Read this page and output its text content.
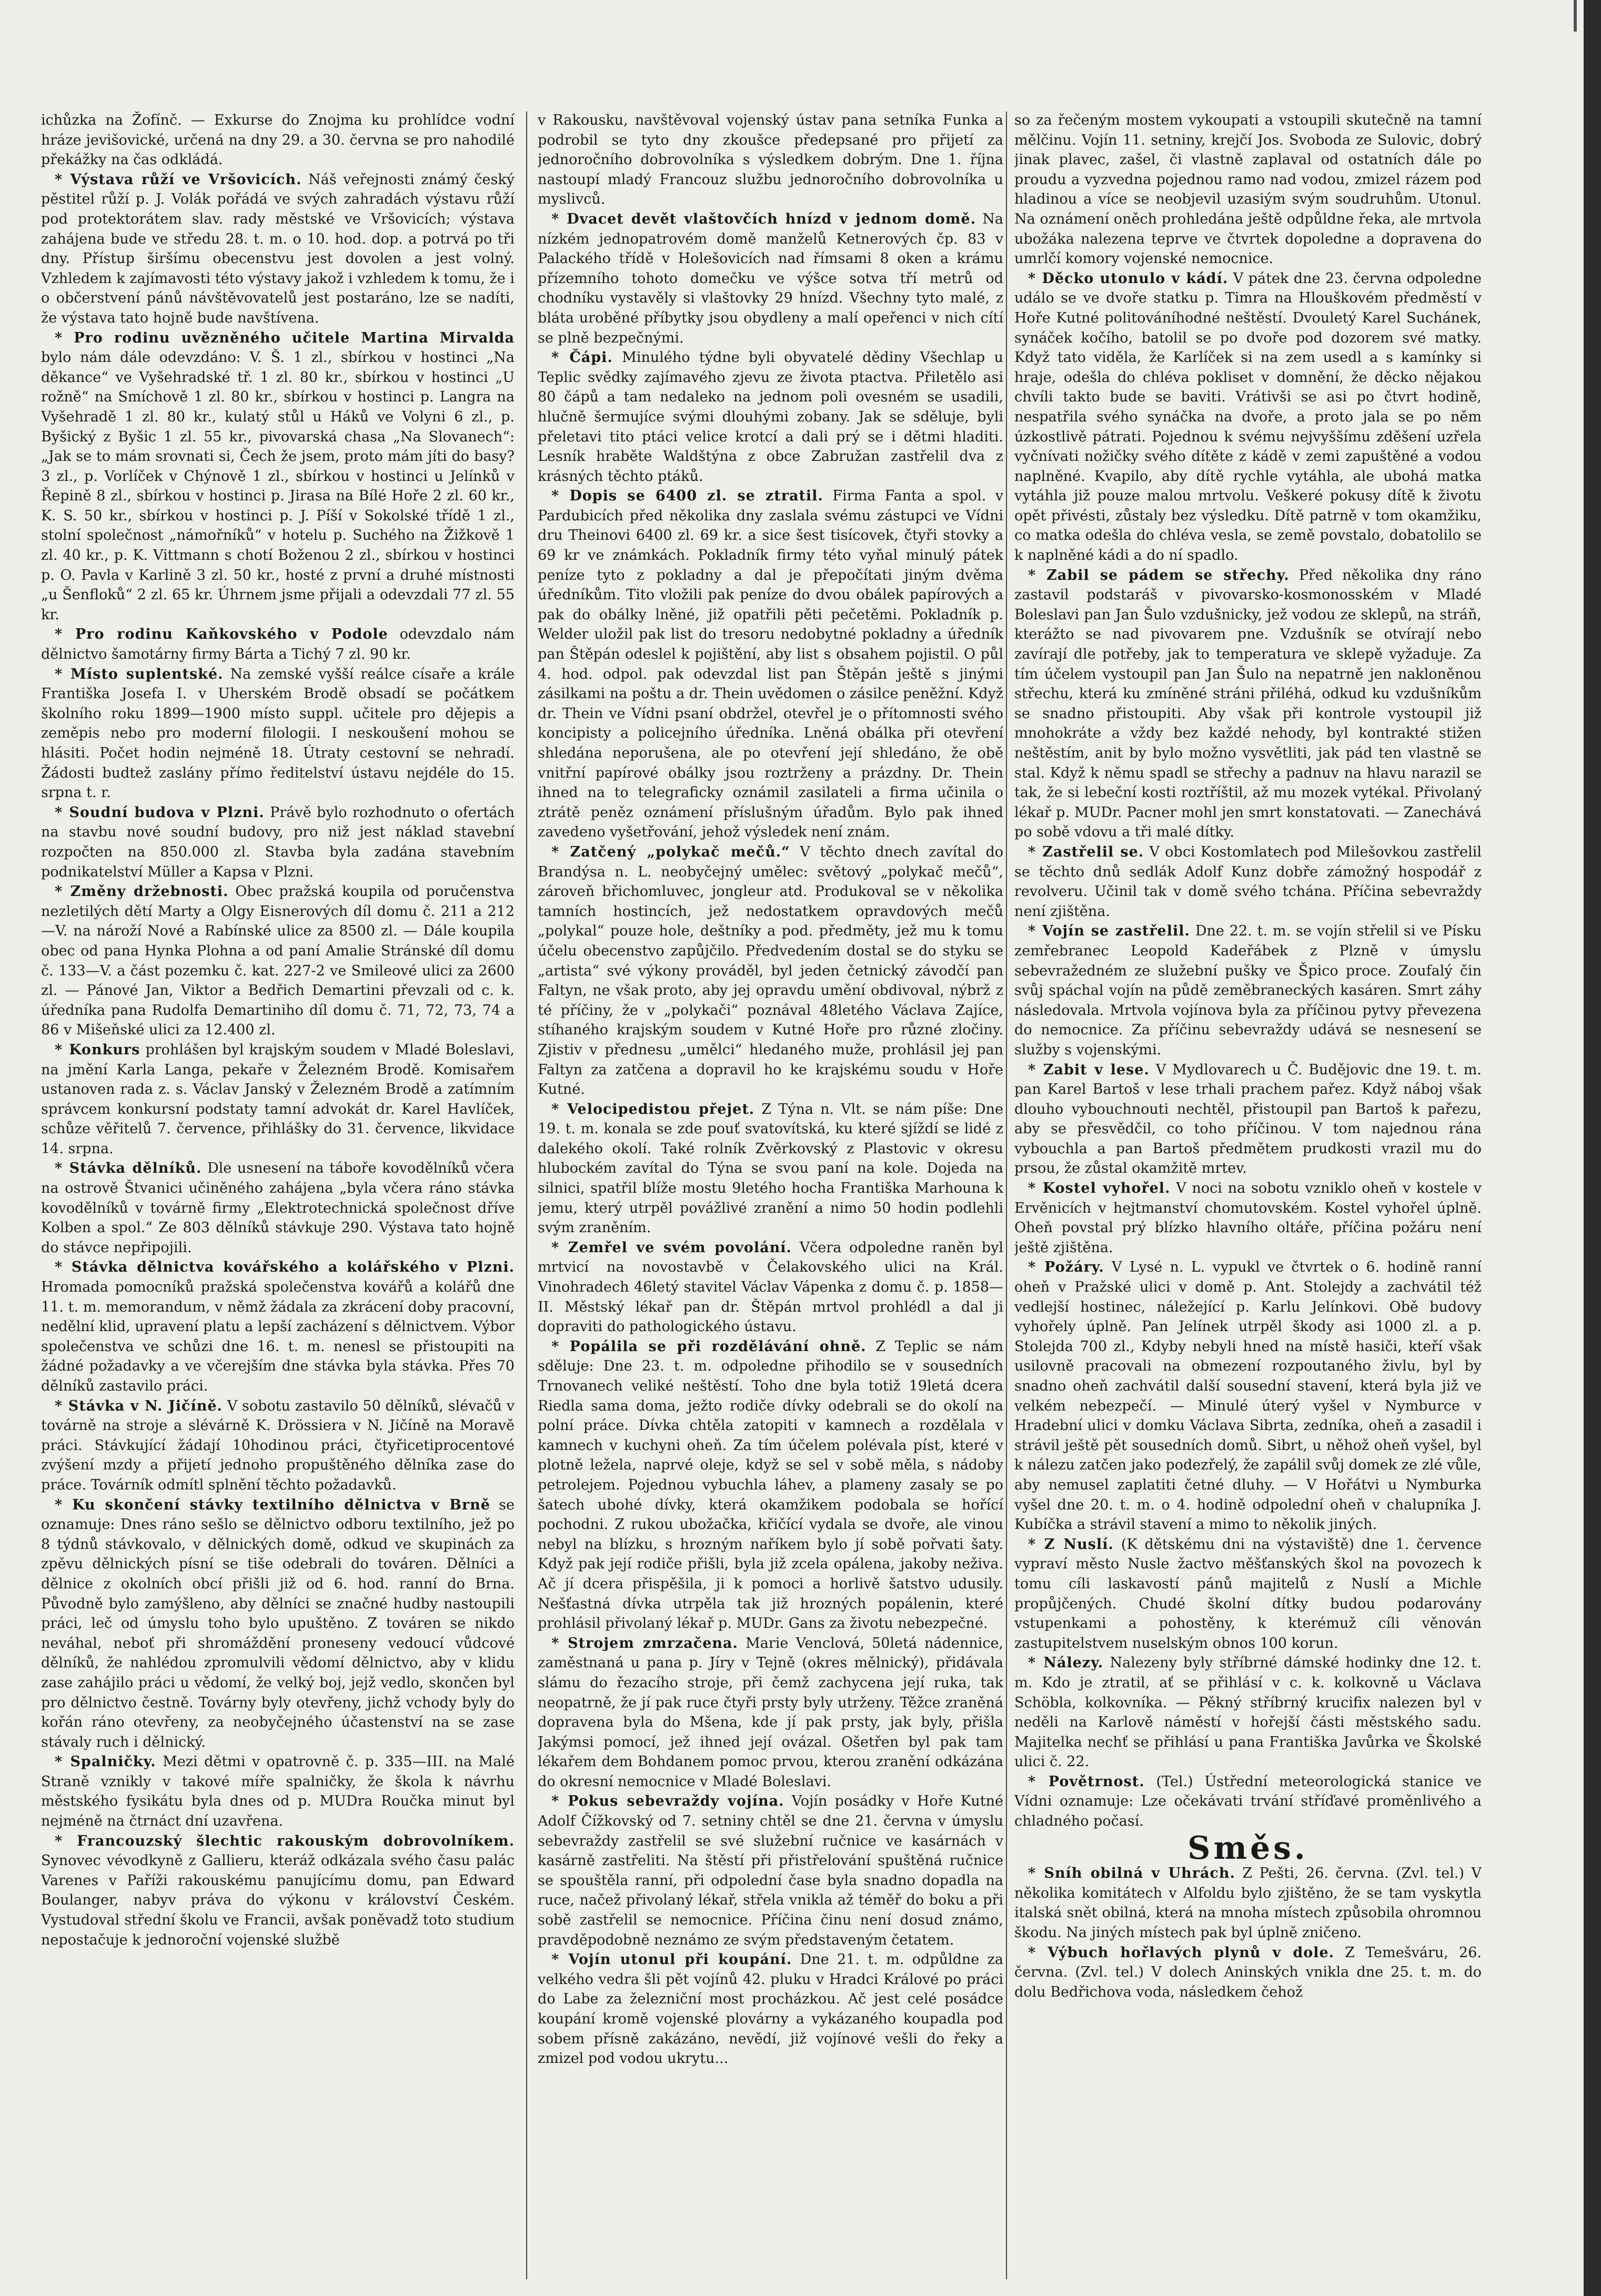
ichůzka na Žofínč. — Exkurse do Znojma ku prohlídce vodní hráze jevišovické, určená na dny 29. a 30. června se pro nahodilé překážky na čas odkládá.

* Výstava růží ve Vršovicích. Náš veřejnosti známý český pěstitel růží p. J. Volák pořádá ve svých zahradách výstavu růží pod protektorátem slav. rady městské ve Vršovicích; výstava zahájena bude ve středu 28. t. m. o 10. hod. dop. a potrvá po tři dny. Přístup širšímu obecenstvu jest dovolen a jest volný. Vzhledem k zajímavosti této výstavy jakož i vzhledem k tomu, že i o občerstvení pánů návštěvovatelů jest postaráno, lze se nadíti, že výstava tato hojně bude navštívena.

* Pro rodinu uvězněného učitele Martina Mirvalda bylo nám dále odevzdáno: V. Š. 1 zl., sbírkou v hostinci „Na děkance“ ve Vyšehradské tř. 1 zl. 80 kr., sbírkou v hostinci „U rožně“ na Smíchově 1 zl. 80 kr., sbírkou v hostinci p. Langra na Vyšehradě 1 zl. 80 kr., kulatý stůl u Háků ve Volyni 6 zl., p. Byšický z Byšic 1 zl. 55 kr., pivovarská chasa „Na Slovanech“: „Jak se to mám srovnati si, Čech že jsem, proto mám jíti do basy? 3 zl., p. Vorlíček v Chýnově 1 zl., sbírkou v hostinci u Jelínků v Řepině 8 zl., sbírkou v hostinci p. Jirasa na Bílé Hoře 2 zl. 60 kr., K. S. 50 kr., sbírkou v hostinci p. J. Píší v Sokolské třídě 1 zl., stolní společnost „námořníků“ v hotelu p. Suchého na Žižkově 1 zl. 40 kr., p. K. Vittmann s chotí Boženou 2 zl., sbírkou v hostinci p. O. Pavla v Karlině 3 zl. 50 kr., hosté z první a druhé místnosti „u Šenfloků“ 2 zl. 65 kr. Úhrnem jsme přijali a odevzdali 77 zl. 55 kr.

* Pro rodinu Kaňkovského v Podole odevzdalo nám dělnictvo šamotárny firmy Bárta a Tichý 7 zl. 90 kr.

* Místo suplentské. Na zemské vyšší reálce císaře a krále Františka Josefa I. v Uherském Brodě obsadí se počátkem školního roku 1899—1900 místo suppl. učitele pro dějepis a zeměpis nebo pro moderní filologii. I neskoušení mohou se hlásiti. Počet hodin nejméně 18. Útraty cestovní se nehradí. Žádosti budtež zaslány přímo ředitelství ústavu nejdéle do 15. srpna t. r.

* Soudní budova v Plzni. Právě bylo rozhodnuto o ofertách na stavbu nové soudní budovy, pro niž jest náklad stavební rozpočten na 850.000 zl. Stavba byla zadána stavebním podnikatelství Müller a Kapsa v Plzni.

* Změny držebnosti. Obec pražská koupila od poručenstva nezletilých dětí Marty a Olgy Eisnerových díl domu č. 211 a 212—V. na nároží Nové a Rabínské ulice za 8500 zl. — Dále koupila obec od pana Hynka Plohna a od paní Amalie Stránské díl domu č. 133—V. a část pozemku č. kat. 227-2 ve Smileové ulici za 2600 zl. — Pánové Jan, Viktor a Bedřich Demartini převzali od c. k. úředníka pana Rudolfa Demartiniho díl domu č. 71, 72, 73, 74 a 86 v Mišeňské ulici za 12.400 zl.

* Konkurs prohlášen byl krajským soudem v Mladé Boleslavi, na jmění Karla Langa, pekaře v Železném Brodě. Komisařem ustanoven rada z. s. Václav Janský v Železném Brodě a zatímním správcem konkursní podstaty tamní advokát dr. Karel Havlíček, schůze věřitelů 7. července, přihlášky do 31. července, likvidace 14. srpna.

* Stávka dělníků. Dle usnesení na táboře kovodělníků včera na ostrově Štvanici učiněného zahájena „byla včera ráno stávka kovodělníků v továrně firmy „Elektrotechnická společnost dříve Kolben a spol.“ Ze 803 dělníků stávkuje 290. Výstava tato hojně do stávce nepřipojili.

* Stávka dělnictva kovářského a kolářského v Plzni. Hromada pomocníků pražská společenstva kovářů a kolářů dne 11. t. m. memorandum, v němž žádala za zkrácení doby pracovní, nedělní klid, upravení platu a lepší zacházení s dělnictvem. Výbor společenstva ve schůzi dne 16. t. m. nenesl se přistoupiti na žádné požadavky a ve včerejším dne stávka byla stávka. Přes 70 dělníků zastavilo práci.

* Stávka v N. Jičíně. V sobotu zastavilo 50 dělníků, slévačů v továrně na stroje a slévárně K. Drössiera v N. Jičíně na Moravě práci. Stávkující žádají 10hodinou práci, čtyřicetiprocentové zvýšení mzdy a přijetí jednoho propuštěného dělníka zase do práce. Továrník odmítl splnění těchto požadavků.

* Ku skončení stávky textilního dělnictva v Brně se oznamuje: Dnes ráno sešlo se dělnictvo odboru textilního, jež po 8 týdnů stávkovalo, v dělnických domě, odkud ve skupinách za zpěvu dělnických písní se tiše odebrali do továren. Dělníci a dělnice z okolních obcí přišli již od 6. hod. ranní do Brna. Původně bylo zamýšleno, aby dělníci se značné hudby nastoupili práci, leč od úmyslu toho bylo upuštěno. Z továren se nikdo neváhal, neboť při shromáždění proneseny vedoucí vůdcové dělníků, že nahlédou zpromulvili vědomí dělnictvo, aby v klidu zase zahájilo práci u vědomí, že velký boj, jejž vedlo, skončen byl pro dělnictvo čestně. Továrny byly otevřeny, jichž vchody byly do kořán ráno otevřeny, za neobyčejného účastenství na se zase stávaly ruch i dělnický.

* Spalničky. Mezi dětmi v opatrovně č. p. 335—III. na Malé Straně vznikly v takové míře spalničky, že škola k návrhu městského fysikátu byla dnes od p. MUDra Roučka minut byl nejméně na čtrnáct dní uzavřena.

* Francouzský šlechtic rakouským dobrovolníkem. Synovec vévodkyně z Gallieru, kteráž odkázala svého času palác Varenes v Paříži rakouskému panujícímu domu, pan Edward Boulanger, nabyv práva do výkonu v království Českém. Vystudoval střední školu ve Francii, avšak poněvadž toto studium nepostačuje k jednoroční vojenské službě

v Rakousku, navštěvoval vojenský ústav pana setníka Funka a podrobil se tyto dny zkoušce předepsané pro přijetí za jednoročního dobrovolníka s výsledkem dobrým. Dne 1. října nastoupí mladý Francouz službu jednoročního dobrovolníka u myslivců.

* Dvacet devět vlaštovčích hnízd v jednom domě. Na nízkém jednopatrovém domě manželů Ketnerových čp. 83 v Palackého třídě v Holešovicích nad římsami 8 oken a krámu přízemního tohoto domečku ve výšce sotva tří metrů od chodníku vystavěly si vlaštovky 29 hnízd. Všechny tyto malé, z bláta uroběné příbytky jsou obydleny a malí opeřenci v nich cítí se plně bezpečnými.

* Čápi. Minulého týdne byli obyvatelé dědiny Všechlap u Teplic svědky zajímavého zjevu ze života ptactva. Přiletělo asi 80 čápů a tam nedaleko na jednom poli ovesném se usadili, hlučně šermujíce svými dlouhými zobany. Jak se sděluje, byli přeletavi tito ptáci velice krotcí a dali prý se i dětmi hladiti. Lesník hraběte Waldštýna z obce Zabružan zastřelil dva z krásných těchto ptáků.

* Dopis se 6400 zl. se ztratil. Firma Fanta a spol. v Pardubicích před několika dny zaslala svému zástupci ve Vídni dru Theinovi 6400 zl. 69 kr. a sice šest tisícovek, čtyři stovky a 69 kr ve známkách. Pokladník firmy této vyňal minulý pátek peníze tyto z pokladny a dal je přepočítati jiným dvěma úředníkům. Tito vložili pak peníze do dvou obálek papírových a pak do obálky lněné, již opatřili pěti pečetěmi. Pokladník p. Welder uložil pak list do tresoru nedobytné pokladny a úředník pan Štěpán odeslel k pojištění, aby list s obsahem pojistil. O půl 4. hod. odpol. pak odevzdal list pan Štěpán ještě s jinými zásilkami na poštu a dr. Thein uvědomen o zásilce peněžní. Když dr. Thein ve Vídni psaní obdržel, otevřel je o přítomnosti svého koncipisty a policejního úředníka. Lněná obálka při otevření shledána neporušena, ale po otevření její shledáno, že obě vnitřní papírové obálky jsou roztrženy a prázdny. Dr. Thein ihned na to telegraficky oznámil zasilateli a firma učinila o ztrátě peněz oznámení příslušným úřadům. Bylo pak ihned zavedeno vyšetřování, jehož výsledek není znám.

* Zatčený „polykač mečů.“ V těchto dnech zavítal do Brandýsa n. L. neobyčejný umělec: světový „polykač mečů“, zároveň břichomluvec, jongleur atd. Produkoval se v několika tamních hostincích, jež nedostatkem opravdových mečů „polykal“ pouze hole, deštníky a pod. předměty, jež mu k tomu účelu obecenstvo zapůjčilo. Předvedením dostal se do styku se „artista“ své výkony prováděl, byl jeden četnický závodčí pan Faltyn, ne však proto, aby jej opravdu umění obdivoval, nýbrž z té příčiny, že v „polykači“ poznával 48letého Václava Zajíce, stíhaného krajským soudem v Kutné Hoře pro různé zločiny. Zjistiv v přednesu „umělci“ hledaného muže, prohlásil jej pan Faltyn za zatčena a dopravil ho ke krajskému soudu v Hoře Kutné.

* Velocipedistou přejet. Z Týna n. Vlt. se nám píše: Dne 19. t. m. konala se zde pouť svatovítská, ku které sjíždí se lidé z dalekého okolí. Také rolník Zvěrkovský z Plastovic v okresu hlubockém zavítal do Týna se svou paní na kole. Dojeda na silnici, spatřil blíže mostu 9letého hocha Františka Marhouna k jemu, který utrpěl povážlivé zranění a nimo 50 hodin podlehli svým zraněním.

* Zemřel ve svém povolání. Včera odpoledne raněn byl mrtvicí na novostavbě v Čelakovského ulici na Král. Vinohradech 46letý stavitel Václav Vápenka z domu č. p. 1858—II. Městský lékař pan dr. Štěpán mrtvol prohlédl a dal ji dopraviti do pathologického ústavu.

* Popálila se při rozdělávání ohně. Z Teplic se nám sděluje: Dne 23. t. m. odpoledne přihodilo se v sousedních Trnovanech veliké neštěstí. Toho dne byla totiž 19letá dcera Riedla sama doma, ježto rodiče dívky odebrali se do okolí na polní práce. Dívka chtěla zatopiti v kamnech a rozdělala v kamnech v kuchyni oheň. Za tím účelem polévala píst, které v plotně ležela, naprvé oleje, když se sel v sobě měla, s nádoby petrolejem. Pojednou vybuchla láhev, a plameny zasaly se po šatech ubohé dívky, která okamžikem podobala se hořící pochodni. Z rukou ubožačka, křičící vydala se dvoře, ale vinou nebyl na blízku, s hrozným naříkem bylo jí sobě pořvati šaty. Když pak její rodiče přišli, byla již zcela opálena, jakoby neživa. Ač jí dcera přispěšila, ji k pomoci a horlivě šatstvo udusily. Nešťastná dívka utrpěla tak již hrozných popálenin, které prohlásil přivolaný lékař p. MUDr. Gans za životu nebezpečné.

* Strojem zmrzačena. Marie Venclová, 50letá nádennice, zaměstnaná u pana p. Jíry v Tejně (okres mělnický), přidávala slámu do řezacího stroje, při čemž zachycena její ruka, tak neopatrně, že jí pak ruce čtyři prsty byly utrženy. Těžce zraněná dopravena byla do Mšena, kde jí pak prsty, jak byly, přišla Jakýmsi pomocí, jež ihned její ovázal. Ošetřen byl pak tam lékařem dem Bohdanem pomoc prvou, kterou zranění odkázána do okresní nemocnice v Mladé Boleslavi.

* Pokus sebevraždy vojína. Vojín posádky v Hoře Kutné Adolf Čížkovský od 7. setniny chtěl se dne 21. června v úmyslu sebevraždy zastřelil se své služební ručnice ve kasárnách v kasárně zastřeliti. Na štěstí při přistřelování spuštěná ručnice se spouštěla ranní, při odpolední čase byla snadno dopadla na ruce, načež přivolaný lékař, střela vnikla až téměř do boku a při sobě zastřelil se nemocnice. Příčina činu není dosud známo, pravděpodobně neznámo ze svým představeným četatem.

* Vojín utonul při koupání. Dne 21. t. m. odpůldne za velkého vedra šli pět vojínů 42. pluku v Hradci Králové po práci do Labe za železniční most procházkou. Ač jest celé posádce koupání kromě vojenské plovárny a vykázaného koupadla pod sobem přísně zakázáno, nevědí, již vojínové vešli do řeky a zmizel pod vodou ukrytu...

so za řečeným mostem vykoupati a vstoupili skutečně na tamní mělčinu. Vojín 11. setniny, krejčí Jos. Svoboda ze Sulovic, dobrý jinak plavec, zašel, či vlastně zaplaval od ostatních dále po proudu a vyzvedna pojednou ramo nad vodou, zmizel rázem pod hladinou a více se neobjevil uzasiým svým soudruhům. Utonul. Na oznámení oněch prohledána ještě odpůldne řeka, ale mrtvola ubožáka nalezena teprve ve čtvrtek dopoledne a dopravena do umrlčí komory vojenské nemocnice.

* Děcko utonulo v kádí. V pátek dne 23. června odpoledne událo se ve dvoře statku p. Timra na Hlouškovém předměstí v Hoře Kutné politováníhodné neštěstí. Dvouletý Karel Suchánek, synáček kočího, batolil se po dvoře pod dozorem své matky. Když tato viděla, že Karlíček si na zem usedl a s kamínky si hraje, odešla do chléva pokliset v domnění, že děcko nějakou chvíli takto bude se baviti. Vrátivši se asi po čtvrt hodině, nespatřila svého synáčka na dvoře, a proto jala se po něm úzkostlivě pátrati. Pojednou k svému nejvyššímu zděšení uzřela vyčnívati nožičky svého dítěte z kádě v zemi zapuštěné a vodou naplněné. Kvapilo, aby dítě rychle vytáhla, ale ubohá matka vytáhla již pouze malou mrtvolu. Veškeré pokusy dítě k životu opět přivésti, zůstaly bez výsledku. Dítě patrně v tom okamžiku, co matka odešla do chléva vesla, se země povstalo, dobatolilo se k naplněné kádi a do ní spadlo.

* Zabil se pádem se střechy. Před několika dny ráno zastavil podstaráš v pivovarsko-kosmonosském v Mladé Boleslavi pan Jan Šulo vzdušnicky, jež vodou ze sklepů, na stráň, kterážto se nad pivovarem pne. Vzdušník se otvírají nebo zavírají dle potřeby, jak to temperatura ve sklepě vyžaduje. Za tím účelem vystoupil pan Jan Šulo na nepatrně jen nakloněnou střechu, která ku zmíněné stráni přiléhá, odkud ku vzdušníkům se snadno přistoupiti. Aby však při kontrole vystoupil již mnohokráte a vždy bez každé nehody, byl kontrakté stižen neštěstím, anit by bylo možno vysvětliti, jak pád ten vlastně se stal. Když k němu spadl se střechy a padnuv na hlavu narazil se tak, že si lebeční kosti roztříštil, až mu mozek vytékal. Přivolaný lékař p. MUDr. Pacner mohl jen smrt konstatovati. — Zanechává po sobě vdovu a tři malé dítky.

* Zastřelil se. V obci Kostomlatech pod Milešovkou zastřelil se těchto dnů sedlák Adolf Kunz dobře zámožný hospodář z revolveru. Učinil tak v domě svého tchána. Příčina sebevraždy není zjištěna.

* Vojín se zastřelil. Dne 22. t. m. se vojín střelil si ve Písku zemřebranec Leopold Kadeřábek z Plzně v úmyslu sebevražedném ze služební pušky ve Špico proce. Zoufalý čin svůj spáchal vojín na půdě zeměbraneckých kasáren. Smrt záhy následovala. Mrtvola vojínova byla za příčinou pytvy převezena do nemocnice. Za příčinu sebevraždy udává se nesnesení se služby s vojenskými.

* Zabit v lese. V Mydlovarech u Č. Budějovic dne 19. t. m. pan Karel Bartoš v lese trhali prachem pařez. Když náboj však dlouho vybouchnouti nechtěl, přistoupil pan Bartoš k pařezu, aby se přesvědčil, co toho příčinou. V tom najednou rána vybouchla a pan Bartoš předmětem prudkosti vrazil mu do prsou, že zůstal okamžitě mrtev.

* Kostel vyhořel. V noci na sobotu vzniklo oheň v kostele v Ervěnicích v hejtmanství chomutovském. Kostel vyhořel úplně. Oheň povstal prý blízko hlavního oltáře, příčina požáru není ještě zjištěna.

* Požáry. V Lysé n. L. vypukl ve čtvrtek o 6. hodině ranní oheň v Pražské ulici v domě p. Ant. Stolejdy a zachvátil též vedlejší hostinec, náležející p. Karlu Jelínkovi. Obě budovy vyhořely úplně. Pan Jelínek utrpěl škody asi 1000 zl. a p. Stolejda 700 zl., Kdyby nebyli hned na místě hasiči, kteří však usilovně pracovali na obmezení rozpoutaného živlu, byl by snadno oheň zachvátil další sousední stavení, která byla již ve velkém nebezpečí. — Minulé úterý vyšel v Nymburce v Hradební ulici v domku Václava Sibrta, zedníka, oheň a zasadil i strávil ještě pět sousedních domů. Sibrt, u něhož oheň vyšel, byl k nálezu zatčen jako podezřelý, že zapálil svůj domek ze zlé vůle, aby nemusel zaplatiti četné dluhy. — V Hořátvi u Nymburka vyšel dne 20. t. m. o 4. hodině odpolední oheň v chalupníka J. Kubíčka a strávil stavení a mimo to několik jiných.

* Z Nuslí. (K dětskému dni na výstaviště) dne 1. července vypraví město Nusle žactvo měšťanských škol na povozech k tomu cíli laskavostí pánů majitelů z Nuslí a Michle propůjčených. Chudé školní dítky budou podarovány vstupenkami a pohostěny, k kterémuž cíli věnován zastupitelstvem nuselským obnos 100 korun.

* Nálezy. Nalezeny byly stříbrné dámské hodinky dne 12. t. m. Kdo je ztratil, ať se přihlásí v c. k. kolkovně u Václava Schöbla, kolkovníka. — Pěkný stříbrný krucifix nalezen byl v neděli na Karlově náměstí v hořejší části městského sadu. Majitelka nechť se přihlásí u pana Františka Javůrka ve Školské ulici č. 22.

* Povětrnost. (Tel.) Ústřední meteorologická stanice ve Vídni oznamuje: Lze očekávati trvání stříďavé proměnlivého a chladného počasí.

Směs.

* Sníh obilná v Uhrách. Z Pešti, 26. června. (Zvl. tel.) V několika komitátech v Alfoldu bylo zjištěno, že se tam vyskytla italská snět obilná, která na mnoha místech způsobila ohromnou škodu. Na jiných místech pak byl úplně zničeno.

* Výbuch hořlavých plynů v dole. Z Temešváru, 26. června. (Zvl. tel.) V dolech Aninských vnikla dne 25. t. m. do dolu Bedřichova voda, následkem čehož
